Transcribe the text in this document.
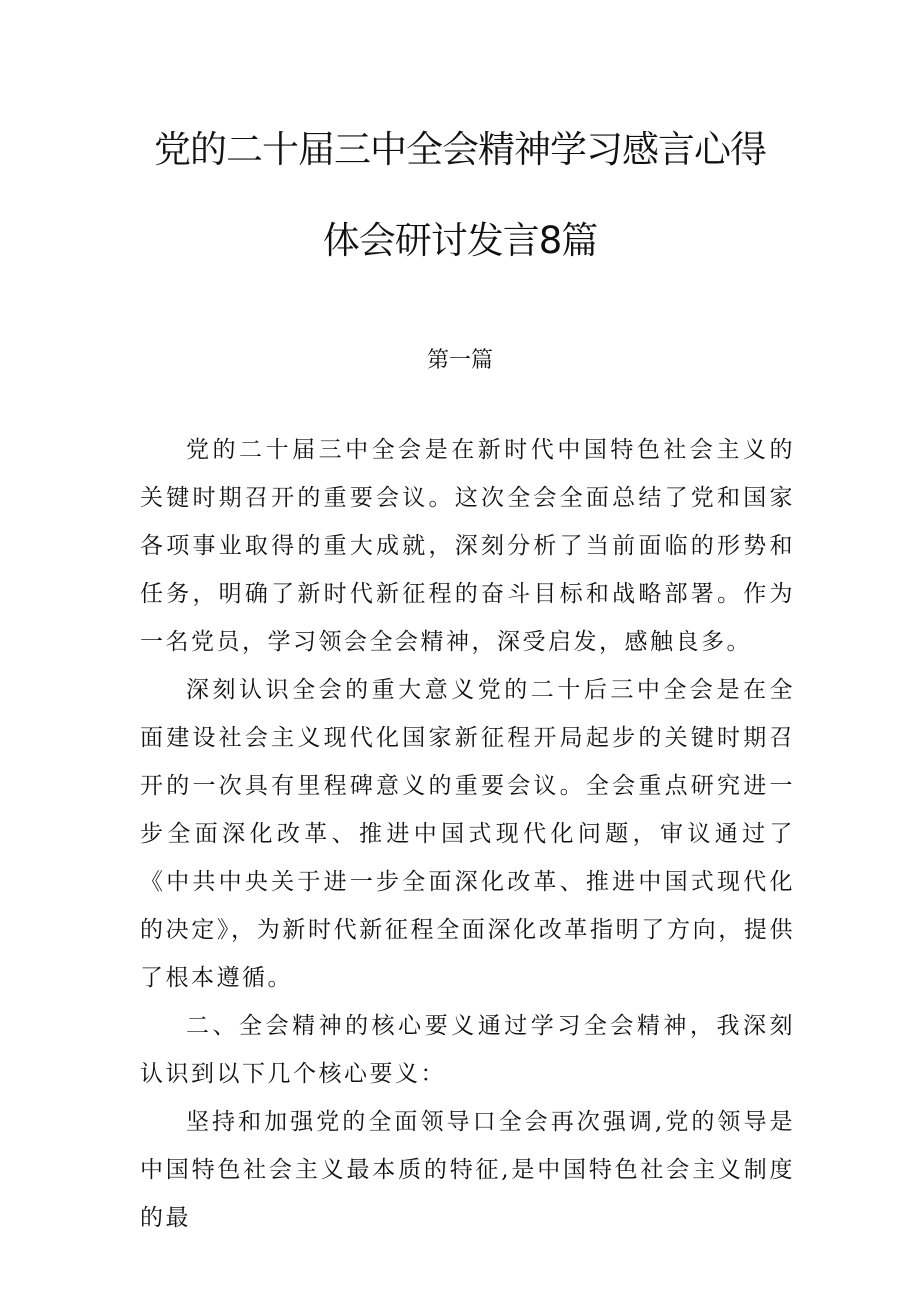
党的二十届三中全会精神学习感言心得
体会研讨发言8篇
第一篇

党的二十届三中全会是在新时代中国特色社会主义的关键时期召开的重要会议。这次全会全面总结了党和国家各项事业取得的重大成就，深刻分析了当前面临的形势和任务，明确了新时代新征程的奋斗目标和战略部署。作为一名党员，学习领会全会精神，深受启发，感触良多。

深刻认识全会的重大意义党的二十后三中全会是在全面建设社会主义现代化国家新征程开局起步的关键时期召开的一次具有里程碑意义的重要会议。全会重点研究进一步全面深化改革、推进中国式现代化问题，审议通过了《中共中央关于进一步全面深化改革、推进中国式现代化的决定》，为新时代新征程全面深化改革指明了方向，提供了根本遵循。

二、全会精神的核心要义通过学习全会精神，我深刻认识到以下几个核心要义：

坚持和加强党的全面领导口全会再次强调,党的领导是中国特色社会主义最本质的特征,是中国特色社会主义制度的最
